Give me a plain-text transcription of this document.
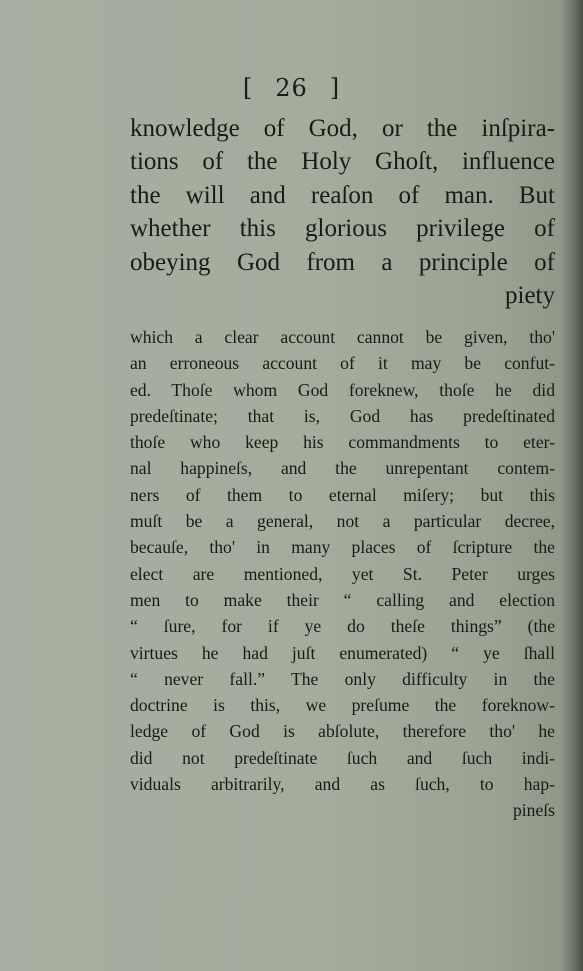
[ 26 ]
knowledge of God, or the inſpira-
tions of the Holy Ghoſt, influence
the will and reaſon of man. But
whether this glorious privilege of
obeying God from a principle of
piety
which a clear account cannot be given, tho'
an erroneous account of it may be confut-
ed. Thoſe whom God foreknew, thoſe he did
predeſtinate; that is, God has predeſtinated
thoſe who keep his commandments to eter-
nal happineſs, and the unrepentant contem-
ners of them to eternal miſery; but this
muſt be a general, not a particular decree,
becauſe, tho' in many places of ſcripture the
elect are mentioned, yet St. Peter urges
men to make their “ calling and election
“ ſure, for if ye do theſe things” (the
virtues he had juſt enumerated) “ ye ſhall
“ never fall.” The only difficulty in the
doctrine is this, we preſume the foreknow-
ledge of God is abſolute, therefore tho' he
did not predeſtinate ſuch and ſuch indi-
viduals arbitrarily, and as ſuch, to hap-
pineſs
